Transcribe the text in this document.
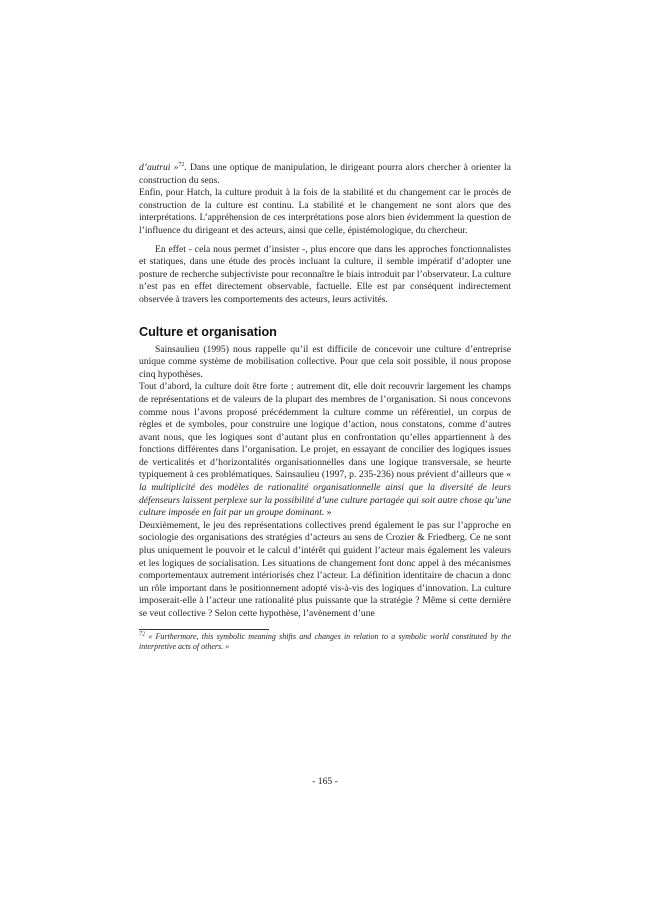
d’autrui »$^{72}$. Dans une optique de manipulation, le dirigeant pourra alors chercher à orienter la construction du sens.

Enfin, pour Hatch, la culture produit à la fois de la stabilité et du changement car le procès de construction de la culture est continu. La stabilité et le changement ne sont alors que des interprétations. L’appréhension de ces interprétations pose alors bien évidemment la question de l’influence du dirigeant et des acteurs, ainsi que celle, épistémologique, du chercheur.

En effet - cela nous permet d’insister -, plus encore que dans les approches fonctionnalistes et statiques, dans une étude des procès incluant la culture, il semble impératif d’adopter une posture de recherche subjectiviste pour reconnaître le biais introduit par l’observateur. La culture n’est pas en effet directement observable, factuelle. Elle est par conséquent indirectement observée à travers les comportements des acteurs, leurs activités.

Culture et organisation

Sainsaulieu (1995) nous rappelle qu’il est difficile de concevoir une culture d’entreprise unique comme système de mobilisation collective. Pour que cela soit possible, il nous propose cinq hypothèses.

Tout d’abord, la culture doit être forte ; autrement dit, elle doit recouvrir largement les champs de représentations et de valeurs de la plupart des membres de l’organisation. Si nous concevons comme nous l’avons proposé précédemment la culture comme un référentiel, un corpus de règles et de symboles, pour construire une logique d’action, nous constatons, comme d’autres avant nous, que les logiques sont d’autant plus en confrontation qu’elles appartiennent à des fonctions différentes dans l’organisation. Le projet, en essayant de concilier des logiques issues de verticalités et d’horizontalités organisationnelles dans une logique transversale, se heurte typiquement à ces problématiques. Sainsaulieu (1997, p. 235-236) nous prévient d’ailleurs que « la multiplicité des modèles de rationalité organisationnelle ainsi que la diversité de leurs défenseurs laissent perplexe sur la possibilité d’une culture partagée qui soit autre chose qu’une culture imposée en fait par un groupe dominant. »

Deuxièmement, le jeu des représentations collectives prend également le pas sur l’approche en sociologie des organisations des stratégies d’acteurs au sens de Crozier & Friedberg. Ce ne sont plus uniquement le pouvoir et le calcul d’intérêt qui guident l’acteur mais également les valeurs et les logiques de socialisation. Les situations de changement font donc appel à des mécanismes comportementaux autrement intériorisés chez l’acteur. La définition identitaire de chacun a donc un rôle important dans le positionnement adopté vis-à-vis des logiques d’innovation. La culture imposerait-elle à l’acteur une rationalité plus puissante que la stratégie ? Même si cette dernière se veut collective ? Selon cette hypothèse, l’avènement d’une

$^{72}$ « Furthermore, this symbolic meaning shifts and changes in relation to a symbolic world constituted by the interpretive acts of others. »

- 165 -
